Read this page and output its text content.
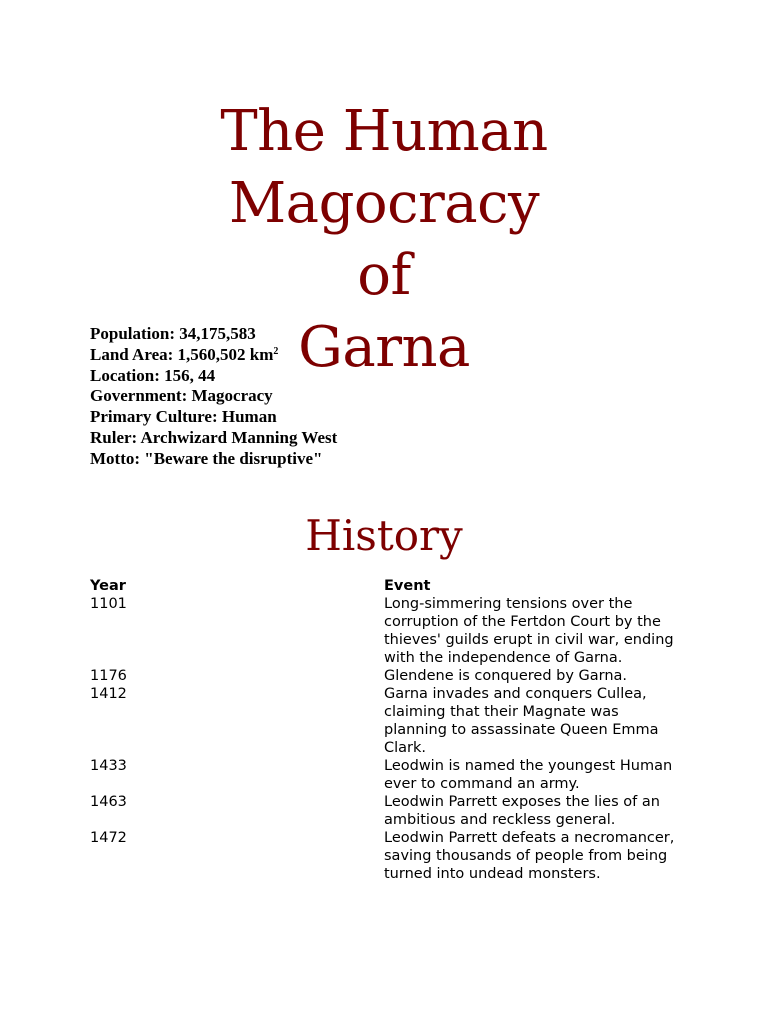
The Human Magocracy
of
Garna
Population: 34,175,583
Land Area: 1,560,502 $km^2$
Location: 156, 44
Government: Magocracy
Primary Culture: Human
Ruler: Archwizard Manning West
Motto: "Beware the disruptive"
History
Year	Event
1101	Long-simmering tensions over the corruption of the Fertdon Court by the thieves' guilds erupt in civil war, ending with the independence of Garna.
1176	Glendene is conquered by Garna.
1412	Garna invades and conquers Cullea, claiming that their Magnate was planning to assassinate Queen Emma Clark.
1433	Leodwin is named the youngest Human ever to command an army.
1463	Leodwin Parrett exposes the lies of an ambitious and reckless general.
1472	Leodwin Parrett defeats a necromancer, saving thousands of people from being turned into undead monsters.
